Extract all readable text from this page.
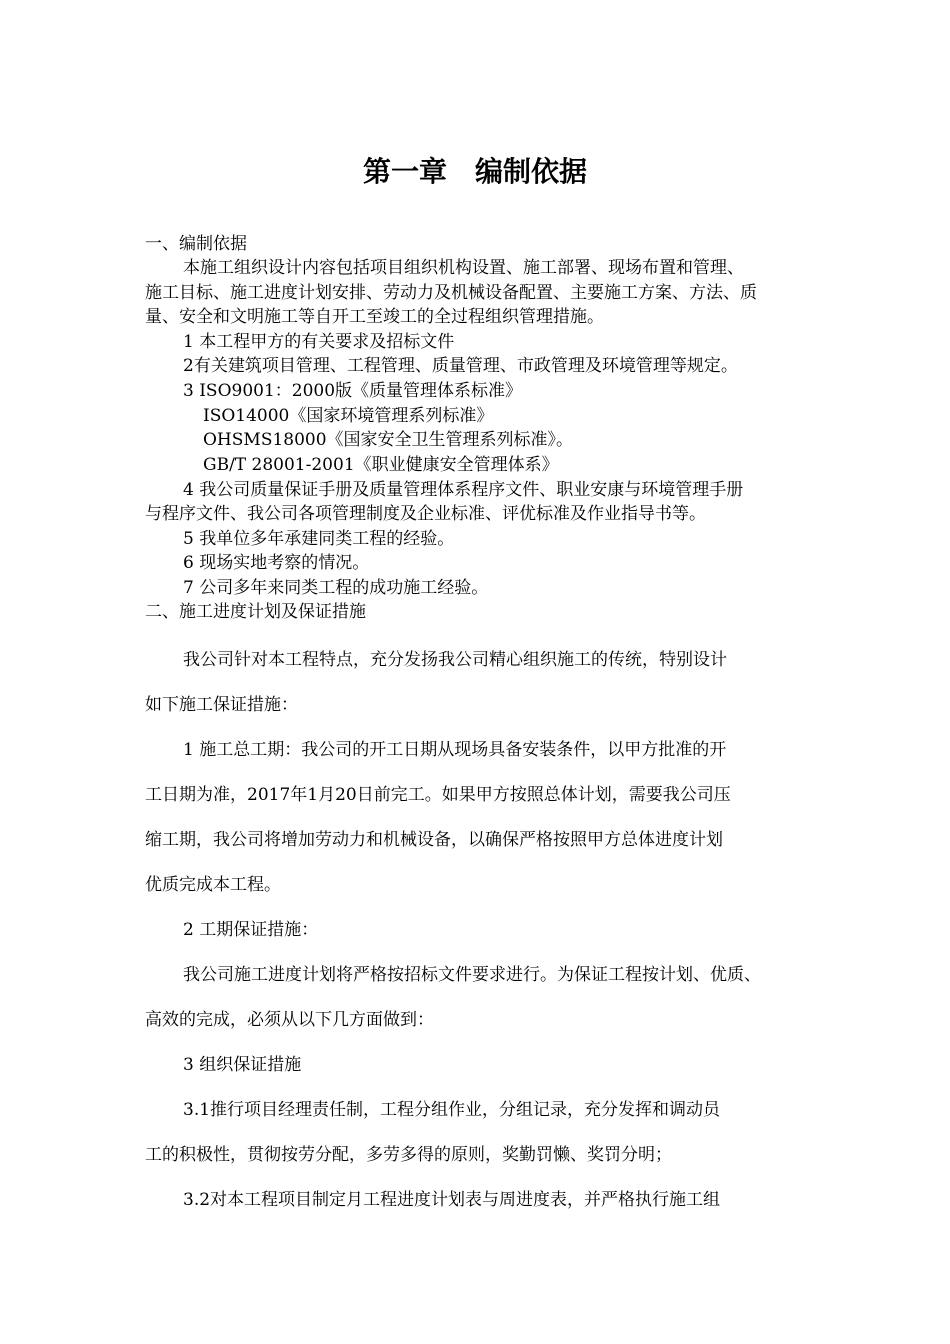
第一章　编制依据

一、编制依据

本施工组织设计内容包括项目组织机构设置、施工部署、现场布置和管理、

施工目标、施工进度计划安排、劳动力及机械设备配置、主要施工方案、方法、质

量、安全和文明施工等自开工至竣工的全过程组织管理措施。

1 本工程甲方的有关要求及招标文件

2有关建筑项目管理、工程管理、质量管理、市政管理及环境管理等规定。

3 ISO9001：2000版《质量管理体系标准》

ISO14000《国家环境管理系列标准》

OHSMS18000《国家安全卫生管理系列标准》。

GB/T 28001-2001《职业健康安全管理体系》

4 我公司质量保证手册及质量管理体系程序文件、职业安康与环境管理手册

与程序文件、我公司各项管理制度及企业标准、评优标准及作业指导书等。

5 我单位多年承建同类工程的经验。

6 现场实地考察的情况。

7 公司多年来同类工程的成功施工经验。

二、施工进度计划及保证措施

我公司针对本工程特点，充分发扬我公司精心组织施工的传统，特别设计

如下施工保证措施：

1 施工总工期：我公司的开工日期从现场具备安装条件，以甲方批准的开

工日期为准，2017年1月20日前完工。如果甲方按照总体计划，需要我公司压

缩工期，我公司将增加劳动力和机械设备，以确保严格按照甲方总体进度计划

优质完成本工程。

2 工期保证措施：

我公司施工进度计划将严格按招标文件要求进行。为保证工程按计划、优质、

高效的完成，必须从以下几方面做到：

3 组织保证措施

3.1推行项目经理责任制，工程分组作业，分组记录，充分发挥和调动员

工的积极性，贯彻按劳分配，多劳多得的原则，奖勤罚懒、奖罚分明；

3.2对本工程项目制定月工程进度计划表与周进度表，并严格执行施工组
